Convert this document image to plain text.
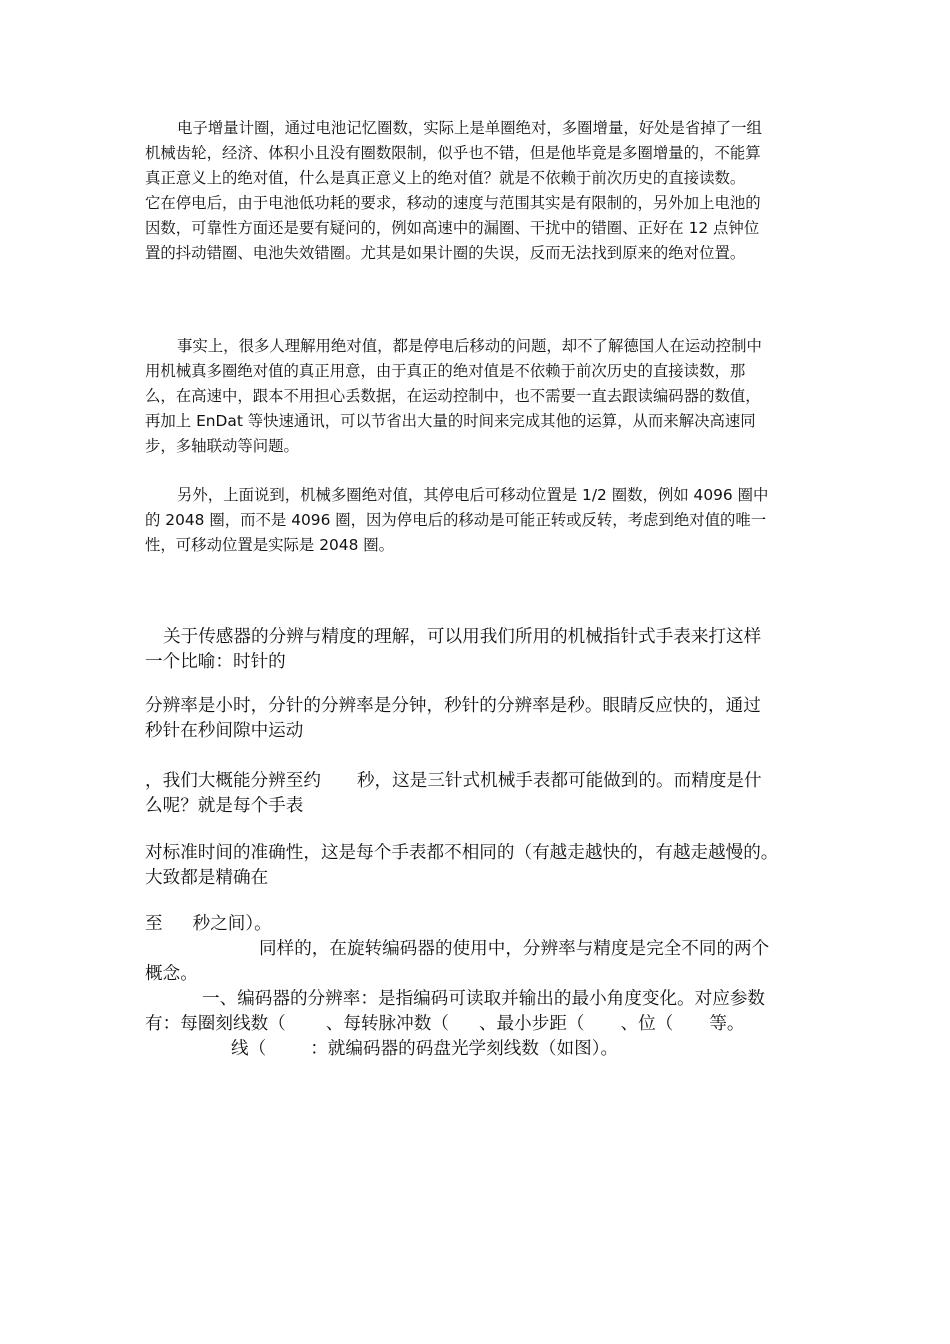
电子增量计圈，通过电池记忆圈数，实际上是单圈绝对，多圈增量，好处是省掉了一组
机械齿轮，经济、体积小且没有圈数限制，似乎也不错，但是他毕竟是多圈增量的，不能算
真正意义上的绝对值，什么是真正意义上的绝对值？就是不依赖于前次历史的直接读数。
它在停电后，由于电池低功耗的要求，移动的速度与范围其实是有限制的，另外加上电池的
因数，可靠性方面还是要有疑问的，例如高速中的漏圈、干扰中的错圈、正好在 12 点钟位
置的抖动错圈、电池失效错圈。尤其是如果计圈的失误，反而无法找到原来的绝对位置。
事实上，很多人理解用绝对值，都是停电后移动的问题，却不了解德国人在运动控制中
用机械真多圈绝对值的真正用意，由于真正的绝对值是不依赖于前次历史的直接读数，那
么，在高速中，跟本不用担心丢数据，在运动控制中，也不需要一直去跟读编码器的数值，
再加上 EnDat 等快速通讯，可以节省出大量的时间来完成其他的运算，从而来解决高速同
步，多轴联动等问题。
另外，上面说到，机械多圈绝对值，其停电后可移动位置是 1/2 圈数，例如 4096 圈中
的 2048 圈，而不是 4096 圈，因为停电后的移动是可能正转或反转，考虑到绝对值的唯一
性，可移动位置是实际是 2048 圈。
关于传感器的分辨与精度的理解，可以用我们所用的机械指针式手表来打这样
一个比喻：时针的
分辨率是小时，分针的分辨率是分钟，秒针的分辨率是秒。眼睛反应快的，通过
秒针在秒间隙中运动
，我们大概能分辨至约 秒，这是三针式机械手表都可能做到的。而精度是什
么呢？就是每个手表
对标准时间的准确性，这是每个手表都不相同的（有越走越快的，有越走越慢的。
大致都是精确在
至 秒之间）。
同样的，在旋转编码器的使用中，分辨率与精度是完全不同的两个
概念。
一、编码器的分辨率：是指编码可读取并输出的最小角度变化。对应参数
有：每圈刻线数（ 、每转脉冲数（ 、最小步距（ 、位（ 等。
线（	：就编码器的码盘光学刻线数（如图）。
